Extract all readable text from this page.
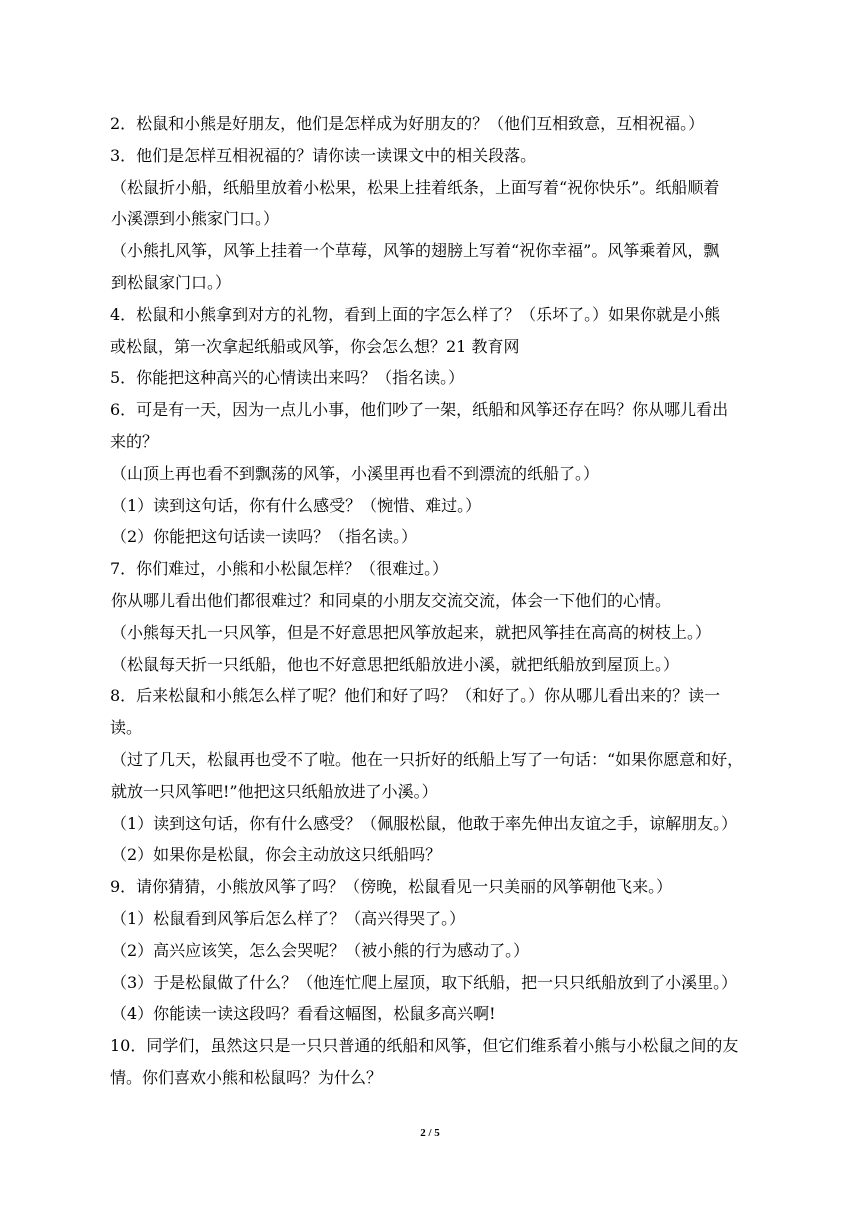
2．松鼠和小熊是好朋友，他们是怎样成为好朋友的？（他们互相致意，互相祝福。）

3．他们是怎样互相祝福的？请你读一读课文中的相关段落。

（松鼠折小船，纸船里放着小松果，松果上挂着纸条，上面写着“祝你快乐”。纸船顺着
小溪漂到小熊家门口。）

（小熊扎风筝，风筝上挂着一个草莓，风筝的翅膀上写着“祝你幸福”。风筝乘着风，飘
到松鼠家门口。）

4．松鼠和小熊拿到对方的礼物，看到上面的字怎么样了？（乐坏了。）如果你就是小熊
或松鼠，第一次拿起纸船或风筝，你会怎么想？21 教育网

5．你能把这种高兴的心情读出来吗？（指名读。）

6．可是有一天，因为一点儿小事，他们吵了一架，纸船和风筝还存在吗？你从哪儿看出
来的？

（山顶上再也看不到飘荡的风筝，小溪里再也看不到漂流的纸船了。）

（1）读到这句话，你有什么感受？（惋惜、难过。）

（2）你能把这句话读一读吗？（指名读。）

7．你们难过，小熊和小松鼠怎样？（很难过。）

你从哪儿看出他们都很难过？和同桌的小朋友交流交流，体会一下他们的心情。

（小熊每天扎一只风筝，但是不好意思把风筝放起来，就把风筝挂在高高的树枝上。）

（松鼠每天折一只纸船，他也不好意思把纸船放进小溪，就把纸船放到屋顶上。）

8．后来松鼠和小熊怎么样了呢？他们和好了吗？（和好了。）你从哪儿看出来的？读一
读。

（过了几天，松鼠再也受不了啦。他在一只折好的纸船上写了一句话：“如果你愿意和好，
就放一只风筝吧!”他把这只纸船放进了小溪。）

（1）读到这句话，你有什么感受？（佩服松鼠，他敢于率先伸出友谊之手，谅解朋友。）

（2）如果你是松鼠，你会主动放这只纸船吗？

9．请你猜猜，小熊放风筝了吗？（傍晚，松鼠看见一只美丽的风筝朝他飞来。）

（1）松鼠看到风筝后怎么样了？（高兴得哭了。）

（2）高兴应该笑，怎么会哭呢？（被小熊的行为感动了。）

（3）于是松鼠做了什么？（他连忙爬上屋顶，取下纸船，把一只只纸船放到了小溪里。）

（4）你能读一读这段吗？看看这幅图，松鼠多高兴啊!

10．同学们，虽然这只是一只只普通的纸船和风筝，但它们维系着小熊与小松鼠之间的友
情。你们喜欢小熊和松鼠吗？为什么？

2 / 5
